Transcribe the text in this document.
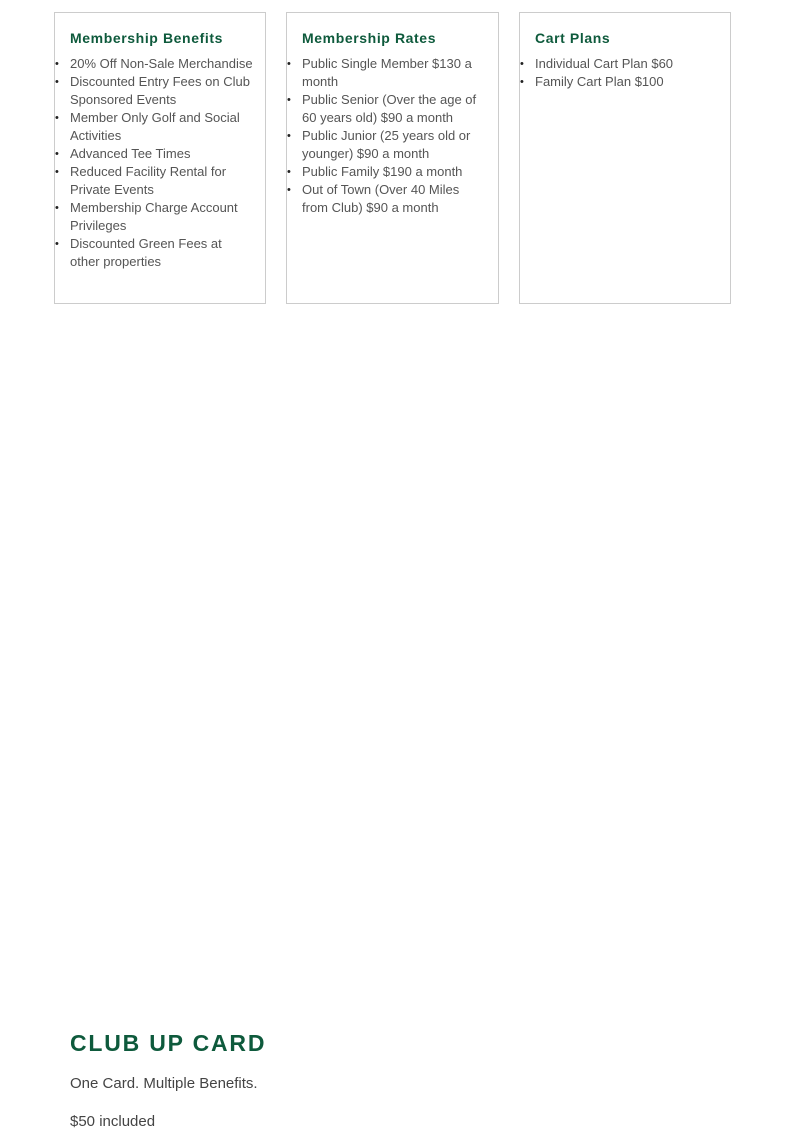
Membership Benefits
• 20% Off Non-Sale Merchandise
• Discounted Entry Fees on Club Sponsored Events
• Member Only Golf and Social Activities
• Advanced Tee Times
• Reduced Facility Rental for Private Events
• Membership Charge Account Privileges
• Discounted Green Fees at other properties
Membership Rates
• Public Single Member $130 a month
• Public Senior (Over the age of 60 years old) $90 a month
• Public Junior (25 years old or younger) $90 a month
• Public Family $190 a month
• Out of Town (Over 40 Miles from Club) $90 a month
Cart Plans
• Individual Cart Plan $60
• Family Cart Plan $100
CLUB UP CARD

One Card. Multiple Benefits.

$50 included
